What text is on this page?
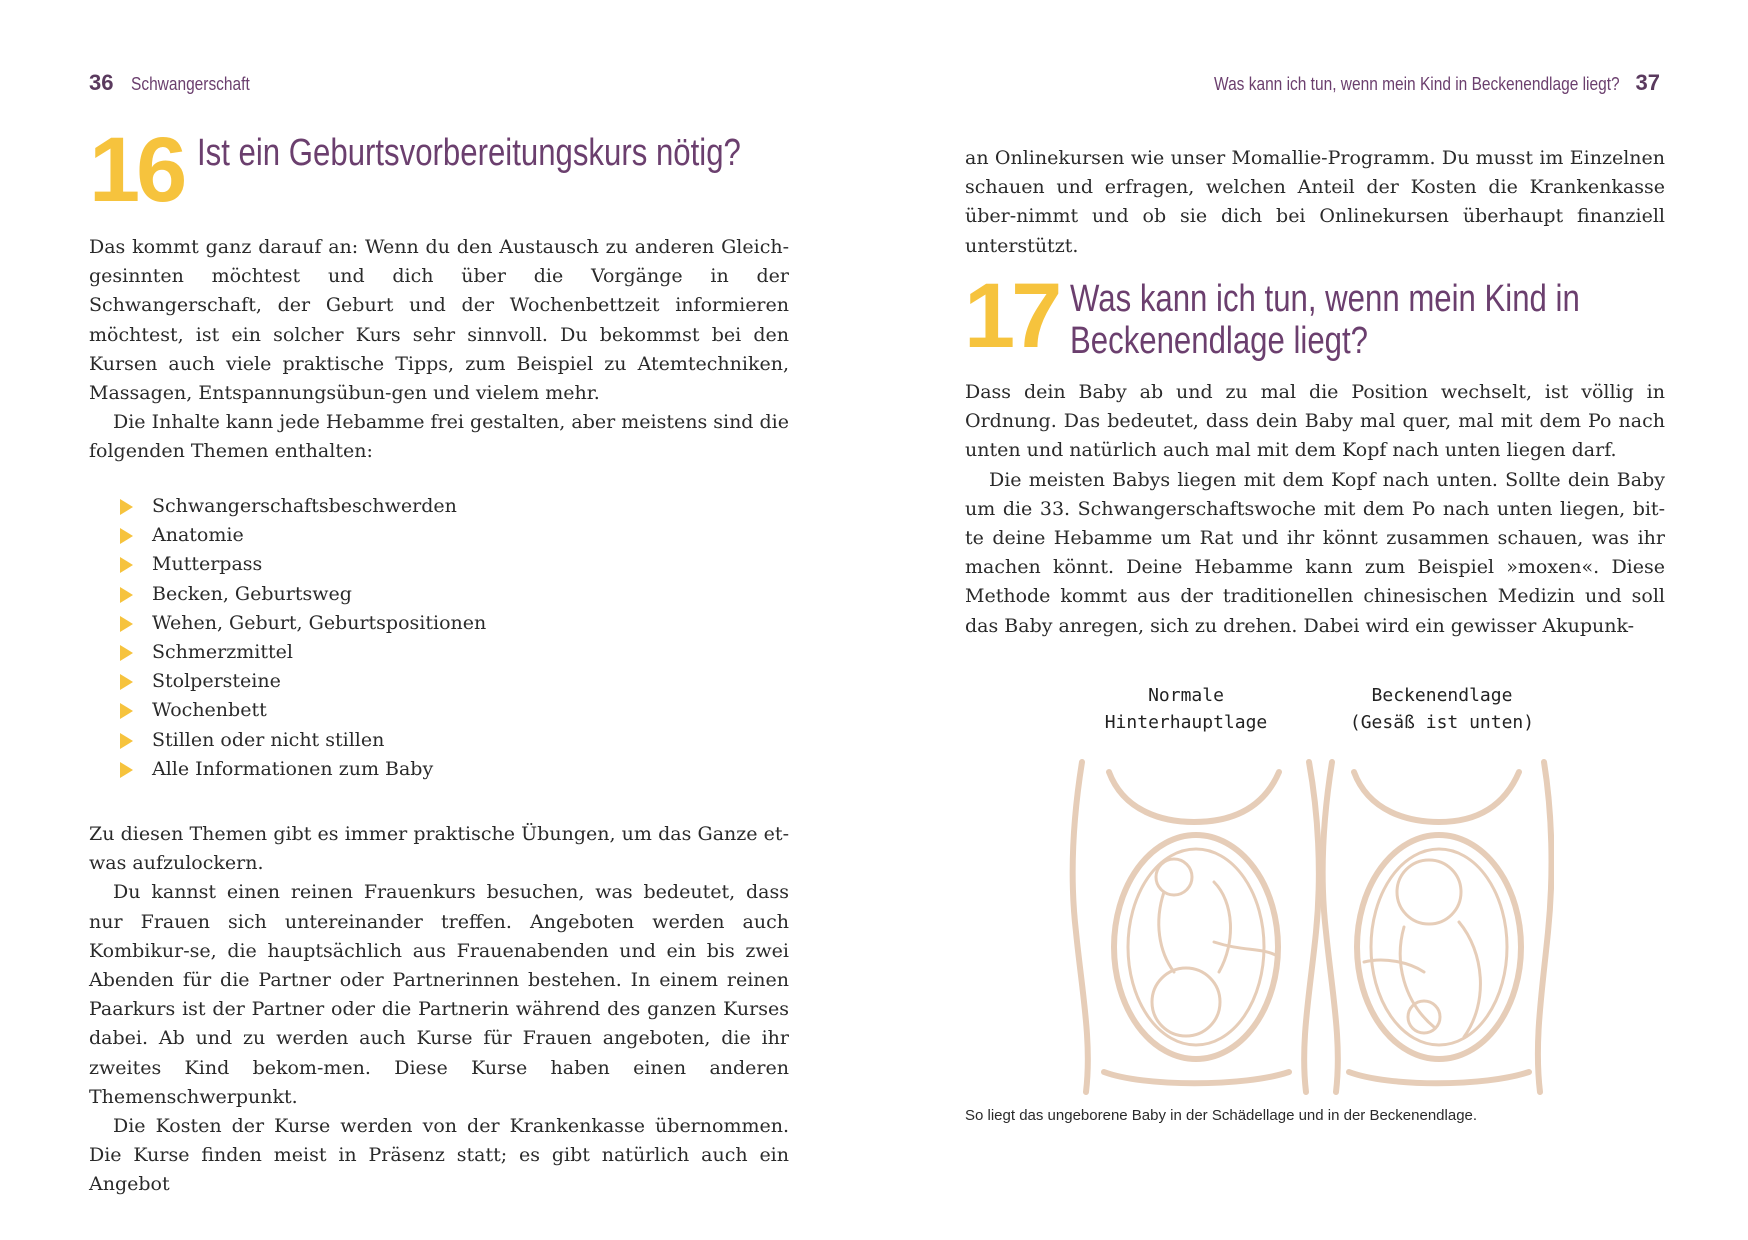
36 Schwangerschaft
16 Ist ein Geburtsvorbereitungskurs nötig?

Das kommt ganz darauf an: Wenn du den Austausch zu anderen Gleich-gesinnten möchtest und dich über die Vorgänge in der Schwangerschaft, der Geburt und der Wochenbettzeit informieren möchtest, ist ein solcher Kurs sehr sinnvoll. Du bekommst bei den Kursen auch viele praktische Tipps, zum Beispiel zu Atemtechniken, Massagen, Entspannungsübun-gen und vielem mehr.

Die Inhalte kann jede Hebamme frei gestalten, aber meistens sind die folgenden Themen enthalten:

Schwangerschaftsbeschwerden
Anatomie
Mutterpass
Becken, Geburtsweg
Wehen, Geburt, Geburtspositionen
Schmerzmittel
Stolpersteine
Wochenbett
Stillen oder nicht stillen
Alle Informationen zum Baby

Zu diesen Themen gibt es immer praktische Übungen, um das Ganze et-was aufzulockern.

Du kannst einen reinen Frauenkurs besuchen, was bedeutet, dass nur Frauen sich untereinander treffen. Angeboten werden auch Kombikur-se, die hauptsächlich aus Frauenabenden und ein bis zwei Abenden für die Partner oder Partnerinnen bestehen. In einem reinen Paarkurs ist der Partner oder die Partnerin während des ganzen Kurses dabei. Ab und zu werden auch Kurse für Frauen angeboten, die ihr zweites Kind bekom-men. Diese Kurse haben einen anderen Themenschwerpunkt.

Die Kosten der Kurse werden von der Krankenkasse übernommen. Die Kurse finden meist in Präsenz statt; es gibt natürlich auch ein Angebot

Was kann ich tun, wenn mein Kind in Beckenendlage liegt? 37

an Onlinekursen wie unser Momallie-Programm. Du musst im Einzelnen schauen und erfragen, welchen Anteil der Kosten die Krankenkasse über-nimmt und ob sie dich bei Onlinekursen überhaupt finanziell unterstützt.

17 Was kann ich tun, wenn mein Kind in
Beckenendlage liegt?

Dass dein Baby ab und zu mal die Position wechselt, ist völlig in Ordnung. Das bedeutet, dass dein Baby mal quer, mal mit dem Po nach unten und natürlich auch mal mit dem Kopf nach unten liegen darf.

Die meisten Babys liegen mit dem Kopf nach unten. Sollte dein Baby um die 33. Schwangerschaftswoche mit dem Po nach unten liegen, bit-te deine Hebamme um Rat und ihr könnt zusammen schauen, was ihr machen könnt. Deine Hebamme kann zum Beispiel »moxen«. Diese Methode kommt aus der traditionellen chinesischen Medizin und soll das Baby anregen, sich zu drehen. Dabei wird ein gewisser Akupunk-

Normale
Hinterhauptlage
Beckenendlage
(Gesäß ist unten)
So liegt das ungeborene Baby in der Schädellage und in der Beckenendlage.
